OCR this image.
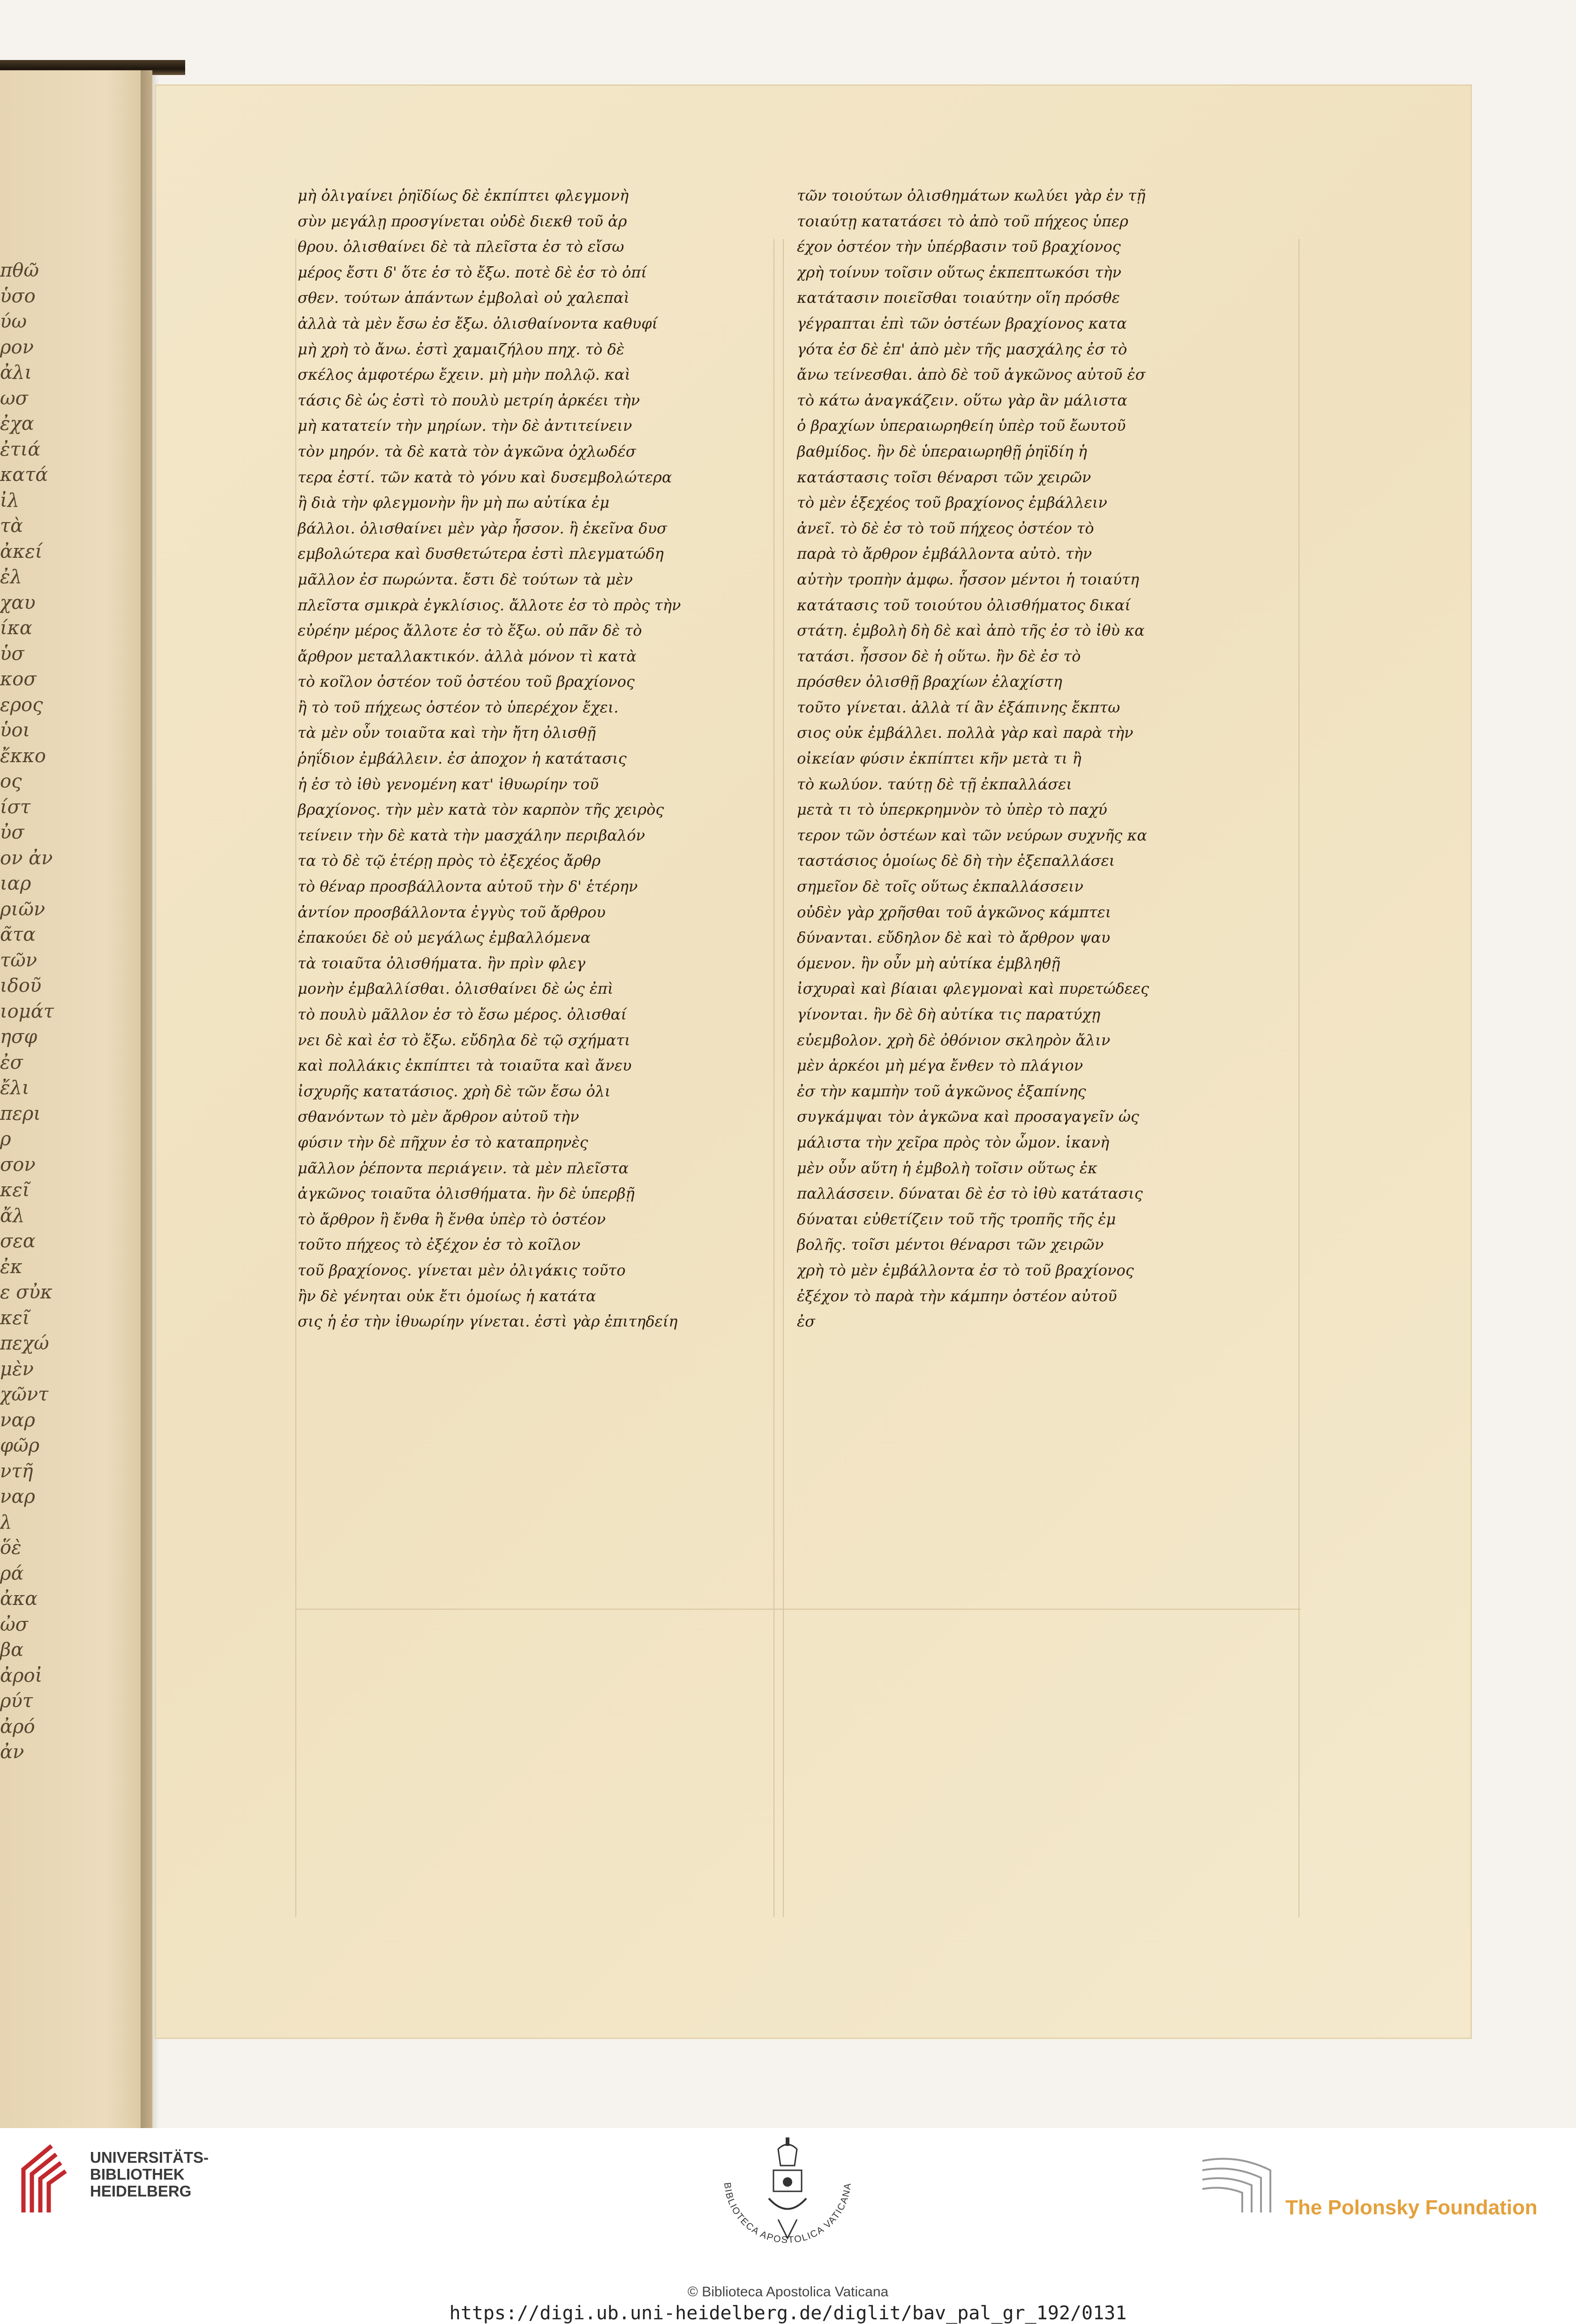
πθῶ
ὑσο
ύω
ρον
ἀλι
ωσ
ἐχα
ἐτιά
κατά
ἰλ
τὰ
ἀκεί
ἐλ
χαυ
ίκα
ὑσ
κοσ
ερος
ὑοι
ἔκκο
ος
ίστ
ὐσ
ον ἀν
ιαρ
ριῶν
ᾶτα
τῶν
ιδοῦ
ιομάτ
ησφ
ἐσ
ἔλι
περι
ρ
σον
κεῖ
ἄλ
σεα
ἐκ
ε σὐκ
κεῖ
πεχώ
μὲν
χῶντ
ναρ
φῶρ
ντῆ
ναρ
λ
ὅὲ
ρά
ἀκα
ὠσ
βα
ἀροἰ
ρύτ
ἀρό
ἀν
μὴ ὀλιγαίνει ῥηϊδίως δὲ ἐκπίπτει φλεγμονὴ
σὺν μεγάλῃ προσγίνεται οὐδὲ διεκθ τοῦ ἀρ
θρου. ὀλισθαίνει δὲ τὰ πλεῖστα ἐσ τὸ εἴσω
μέρος ἔστι δ' ὅτε ἐσ τὸ ἔξω. ποτὲ δὲ ἐσ τὸ ὀπί
σθεν. τούτων ἁπάντων ἐμβολαὶ οὐ χαλεπαὶ
ἀλλὰ τὰ μὲν ἔσω ἐσ ἔξω. ὀλισθαίνοντα καθυφί
μὴ χρὴ τὸ ἄνω. ἐστὶ χαμαιζήλου πηχ. τὸ δὲ
σκέλος ἀμφοτέρω ἔχειν. μὴ μὴν πολλῷ. καὶ
τάσις δὲ ὡς ἐστὶ τὸ πουλὺ μετρίη ἀρκέει τὴν
μὴ κατατείν τὴν μηρίων. τὴν δὲ ἀντιτείνειν
τὸν μηρόν. τὰ δὲ κατὰ τὸν ἀγκῶνα ὀχλωδέσ
τερα ἐστί. τῶν κατὰ τὸ γόνυ καὶ δυσεμβολώτερα
ἢ διὰ τὴν φλεγμονὴν ἣν μὴ πω αὐτίκα ἐμ
βάλλοι. ὀλισθαίνει μὲν γὰρ ἧσσον. ἢ ἐκεῖνα δυσ
εμβολώτερα καὶ δυσθετώτερα ἐστὶ πλεγματώδη
μᾶλλον ἐσ πωρώντα. ἔστι δὲ τούτων τὰ μὲν
πλεῖστα σμικρὰ ἐγκλίσιος. ἄλλοτε ἐσ τὸ πρὸς τὴν
εὐρέην μέρος ἄλλοτε ἐσ τὸ ἔξω. οὐ πᾶν δὲ τὸ
ἄρθρον μεταλλακτικόν. ἀλλὰ μόνον τὶ κατὰ
τὸ κοῖλον ὀστέον τοῦ ὀστέου τοῦ βραχίονος
ἢ τὸ τοῦ πήχεως ὀστέον τὸ ὑπερέχον ἔχει.
τὰ μὲν οὖν τοιαῦτα καὶ τὴν ἤτη ὀλισθῇ
ῥηΐδιον ἐμβάλλειν. ἐσ ἀποχον ἡ κατάτασις
ἡ ἐσ τὸ ἰθὺ γενομένη κατ' ἰθυωρίην τοῦ
βραχίονος. τὴν μὲν κατὰ τὸν καρπὸν τῆς χειρὸς
τείνειν τὴν δὲ κατὰ τὴν μασχάλην περιβαλόν
τα τὸ δὲ τῷ ἑτέρῃ πρὸς τὸ ἐξεχέος ἄρθρ
τὸ θέναρ προσβάλλοντα αὐτοῦ τὴν δ' ἑτέρην
ἀντίον προσβάλλοντα ἐγγὺς τοῦ ἄρθρου
ἐπακούει δὲ οὐ μεγάλως ἐμβαλλόμενα
τὰ τοιαῦτα ὀλισθήματα. ἢν πρὶν φλεγ
μονὴν ἐμβαλλίσθαι. ὀλισθαίνει δὲ ὡς ἐπὶ
τὸ πουλὺ μᾶλλον ἐσ τὸ ἔσω μέρος. ὀλισθαί
νει δὲ καὶ ἐσ τὸ ἔξω. εὔδηλα δὲ τῷ σχήματι
καὶ πολλάκις ἐκπίπτει τὰ τοιαῦτα καὶ ἄνευ
ἰσχυρῆς κατατάσιος. χρὴ δὲ τῶν ἔσω ὀλι
σθανόντων τὸ μὲν ἄρθρον αὐτοῦ τὴν
φύσιν τὴν δὲ πῆχυν ἐσ τὸ καταπρηνὲς
μᾶλλον ῥέποντα περιάγειν. τὰ μὲν πλεῖστα
ἀγκῶνος τοιαῦτα ὀλισθήματα. ἢν δὲ ὑπερβῇ
τὸ ἄρθρον ἢ ἔνθα ἢ ἔνθα ὑπὲρ τὸ ὀστέον
τοῦτο πήχεος τὸ ἐξέχον ἐσ τὸ κοῖλον
τοῦ βραχίονος. γίνεται μὲν ὀλιγάκις τοῦτο
ἢν δὲ γένηται οὐκ ἔτι ὁμοίως ἡ κατάτα
σις ἡ ἐσ τὴν ἰθυωρίην γίνεται. ἐστὶ γὰρ ἐπιτηδείη
τῶν τοιούτων ὀλισθημάτων κωλύει γὰρ ἐν τῇ
τοιαύτῃ κατατάσει τὸ ἀπὸ τοῦ πήχεος ὑπερ
έχον ὀστέον τὴν ὑπέρβασιν τοῦ βραχίονος
χρὴ τοίνυν τοῖσιν οὕτως ἐκπεπτωκόσι τὴν
κατάτασιν ποιεῖσθαι τοιαύτην οἵη πρόσθε
γέγραπται ἐπὶ τῶν ὀστέων βραχίονος κατα
γότα ἐσ δὲ ἐπ' ἀπὸ μὲν τῆς μασχάλης ἐσ τὸ
ἄνω τείνεσθαι. ἀπὸ δὲ τοῦ ἀγκῶνος αὐτοῦ ἐσ
τὸ κάτω ἀναγκάζειν. οὕτω γὰρ ἂν μάλιστα
ὁ βραχίων ὑπεραιωρηθείη ὑπὲρ τοῦ ἔωυτοῦ
βαθμίδος. ἢν δὲ ὑπεραιωρηθῇ ῥηϊδίη ἡ
κατάστασις τοῖσι θέναρσι τῶν χειρῶν
τὸ μὲν ἐξεχέος τοῦ βραχίονος ἐμβάλλειν
ἀνεῖ. τὸ δὲ ἐσ τὸ τοῦ πήχεος ὀστέον τὸ
παρὰ τὸ ἄρθρον ἐμβάλλοντα αὐτὸ. τὴν
αὐτὴν τροπὴν ἀμφω. ἧσσον μέντοι ἡ τοιαύτη
κατάτασις τοῦ τοιούτου ὀλισθήματος δικαί
στάτη. ἐμβολὴ δὴ δὲ καὶ ἀπὸ τῆς ἐσ τὸ ἰθὺ κα
τατάσι. ἧσσον δὲ ἡ οὕτω. ἢν δὲ ἐσ τὸ
πρόσθεν ὀλισθῇ βραχίων ἐλαχίστη
τοῦτο γίνεται. ἀλλὰ τί ἂν ἐξάπινης ἔκπτω
σιος οὐκ ἐμβάλλει. πολλὰ γὰρ καὶ παρὰ τὴν
οἰκείαν φύσιν ἐκπίπτει κῆν μετὰ τι ἢ
τὸ κωλύον. ταύτῃ δὲ τῇ ἐκπαλλάσει
μετὰ τι τὸ ὑπερκρημνὸν τὸ ὑπὲρ τὸ παχύ
τερον τῶν ὀστέων καὶ τῶν νεύρων συχνῆς κα
ταστάσιος ὁμοίως δὲ δὴ τὴν ἐξεπαλλάσει
σημεῖον δὲ τοῖς οὕτως ἐκπαλλάσσειν
οὐδὲν γὰρ χρῆσθαι τοῦ ἀγκῶνος κάμπτει
δύνανται. εὔδηλον δὲ καὶ τὸ ἄρθρον ψαυ
όμενον. ἢν οὖν μὴ αὐτίκα ἐμβληθῇ
ἰσχυραὶ καὶ βίαιαι φλεγμοναὶ καὶ πυρετώδεες
γίνονται. ἢν δὲ δὴ αὐτίκα τις παρατύχῃ
εὐεμβολον. χρὴ δὲ ὀθόνιον σκληρὸν ἄλιν
μὲν ἀρκέοι μὴ μέγα ἔνθεν τὸ πλάγιον
ἐσ τὴν καμπὴν τοῦ ἀγκῶνος ἐξαπίνης
συγκάμψαι τὸν ἀγκῶνα καὶ προσαγαγεῖν ὡς
μάλιστα τὴν χεῖρα πρὸς τὸν ὦμον. ἱκανὴ
μὲν οὖν αὕτη ἡ ἐμβολὴ τοῖσιν οὕτως ἐκ
παλλάσσειν. δύναται δὲ ἐσ τὸ ἰθὺ κατάτασις
δύναται εὐθετίζειν τοῦ τῆς τροπῆς τῆς ἐμ
βολῆς. τοῖσι μέντοι θέναρσι τῶν χειρῶν
χρὴ τὸ μὲν ἐμβάλλοντα ἐσ τὸ τοῦ βραχίονος
ἐξέχον τὸ παρὰ τὴν κάμπην ὀστέον αὐτοῦ
ἐσ
UNIVERSITÄTS-
BIBLIOTHEK
HEIDELBERG	BIBLIOTECA APOSTOLICA VATICANA
The Polonsky Foundation
© Biblioteca Apostolica Vaticana
https://digi.ub.uni-heidelberg.de/diglit/bav_pal_gr_192/0131
